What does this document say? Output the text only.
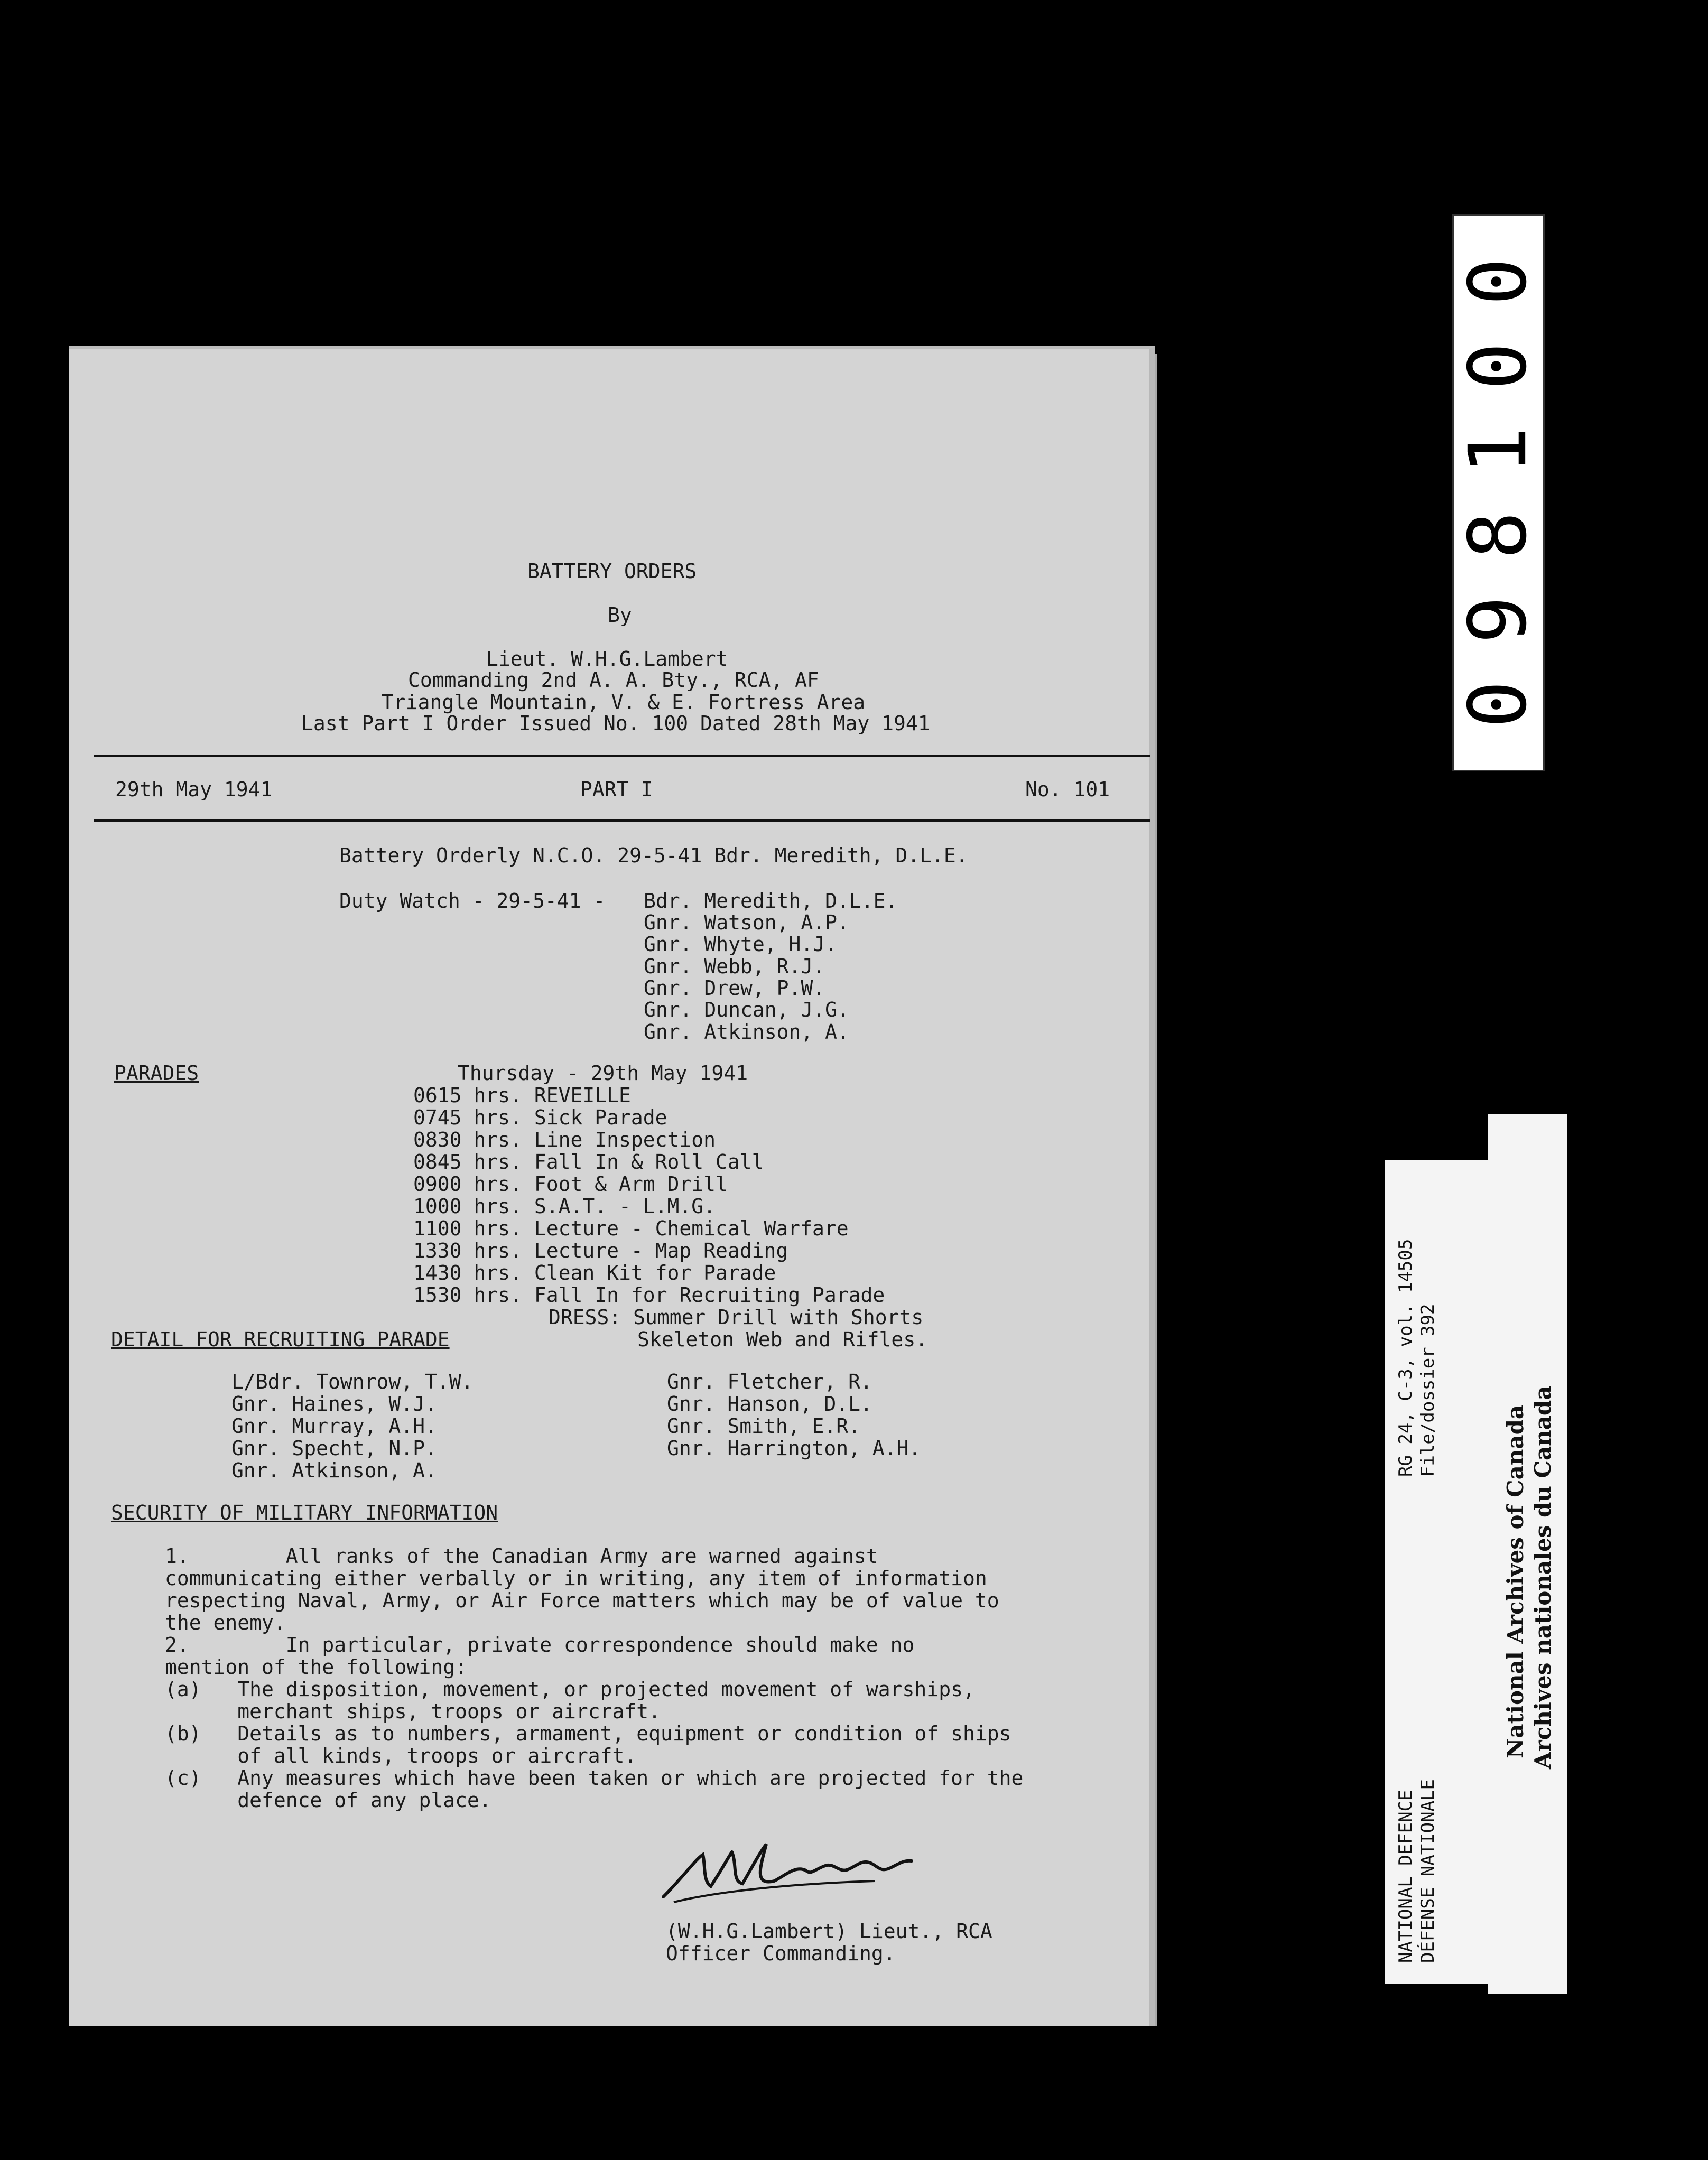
BATTERY ORDERS
By
Lieut. W.H.G.Lambert
Commanding 2nd A. A. Bty., RCA, AF
Triangle Mountain, V. & E. Fortress Area
Last Part I Order Issued No. 100 Dated 28th May 1941
29th May 1941	PART I	No. 101
Battery Orderly N.C.O. 29-5-41 Bdr. Meredith, D.L.E.
Duty Watch - 29-5-41 - Bdr. Meredith, D.L.E.
Gnr. Watson, A.P.
Gnr. Whyte, H.J.
Gnr. Webb, R.J.
Gnr. Drew, P.W.
Gnr. Duncan, J.G.
Gnr. Atkinson, A.
PARADES	Thursday - 29th May 1941
0615 hrs. REVEILLE
0745 hrs. Sick Parade
0830 hrs. Line Inspection
0845 hrs. Fall In & Roll Call
0900 hrs. Foot & Arm Drill
1000 hrs. S.A.T. - L.M.G.
1100 hrs. Lecture - Chemical Warfare
1330 hrs. Lecture - Map Reading
1430 hrs. Clean Kit for Parade
1530 hrs. Fall In for Recruiting Parade
DRESS: Summer Drill with Shorts
Skeleton Web and Rifles.
DETAIL FOR RECRUITING PARADE
L/Bdr. Townrow, T.W.
Gnr. Haines, W.J.
Gnr. Murray, A.H.
Gnr. Specht, N.P.
Gnr. Atkinson, A.
Gnr. Fletcher, R.
Gnr. Hanson, D.L.
Gnr. Smith, E.R.
Gnr. Harrington, A.H.
SECURITY OF MILITARY INFORMATION
1.        All ranks of the Canadian Army are warned against
communicating either verbally or in writing, any item of information
respecting Naval, Army, or Air Force matters which may be of value to
the enemy.
2.        In particular, private correspondence should make no
mention of the following:
(a)   The disposition, movement, or projected movement of warships,
merchant ships, troops or aircraft.
(b)   Details as to numbers, armament, equipment or condition of ships
of all kinds, troops or aircraft.
(c)   Any measures which have been taken or which are projected for the
defence of any place.
(W.H.G.Lambert) Lieut., RCA
Officer Commanding.
0
0
1
8
9
0
RG 24, C-3, vol. 14505 File/dossier 392
NATIONAL DEFENCE DÉFENSE NATIONALE
National Archives of Canada Archives nationales du Canada
